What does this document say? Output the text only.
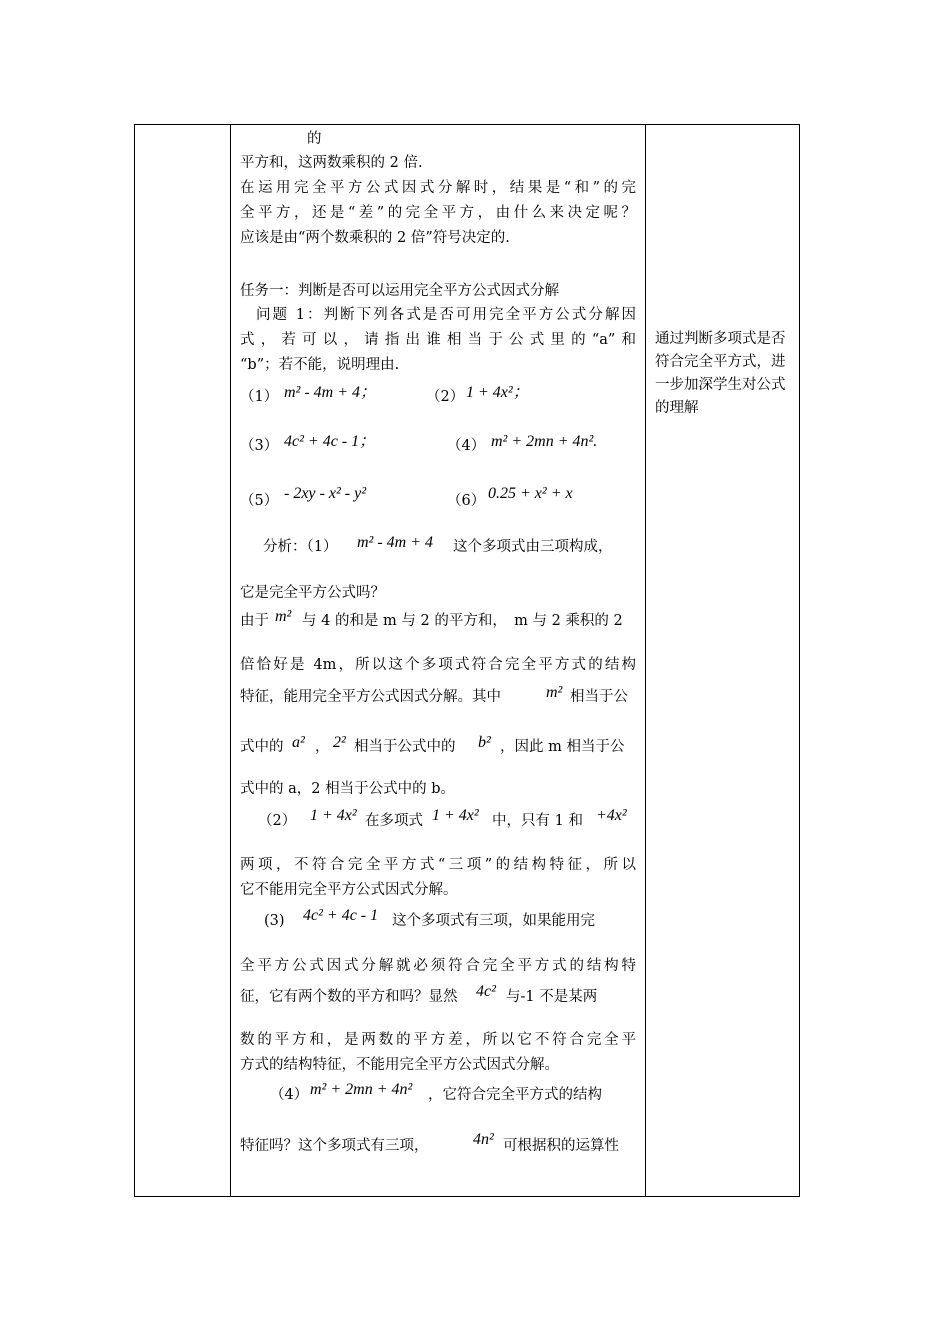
的
平方和，这两数乘积的 2 倍.
在运用完全平方公式因式分解时，结果是“和”的完
全平方，还是“差”的完全平方，由什么来决定呢？
应该是由“两个数乘积的 2 倍”符号决定的.
任务一：判断是否可以运用完全平方公式因式分解
问题 1：判断下列各式是否可用完全平方公式分解因
式，若可以，请指出谁相当于公式里的“a”和
“b”；若不能，说明理由.
（1） m² - 4m + 4；	（2） 1 + 4x²；
（3） 4c² + 4c - 1；	（4） m² + 2mn + 4n².
（5） - 2xy - x² - y²	（6） 0.25 + x² + x
分析：（1） m² - 4m + 4 这个多项式由三项构成，
它是完全平方公式吗？
由于 m² 与 4 的和是 m 与 2 的平方和，　m 与 2 乘积的 2
倍恰好是 4m，所以这个多项式符合完全平方式的结构
特征，能用完全平方公式因式分解。其中	m² 相当于公
式中的 a² ， 2² 相当于公式中的 b² ，因此 m 相当于公
式中的 a，2 相当于公式中的 b。
（2） 1 + 4x² 在多项式 1 + 4x² 中，只有 1 和 +4x²
两项，不符合完全平方式“三项”的结构特征，所以
它不能用完全平方公式因式分解。
(3) 4c² + 4c - 1 这个多项式有三项，如果能用完
全平方公式因式分解就必须符合完全平方式的结构特
征，它有两个数的平方和吗？显然 4c² 与-1 不是某两
数的平方和，是两数的平方差，所以它不符合完全平
方式的结构特征，不能用完全平方公式因式分解。
（4） m² + 2mn + 4n² ，它符合完全平方式的结构
特征吗？这个多项式有三项，	4n² 可根据积的运算性
通过判断多项式是否符合完全平方式，进一步加深学生对公式的理解
